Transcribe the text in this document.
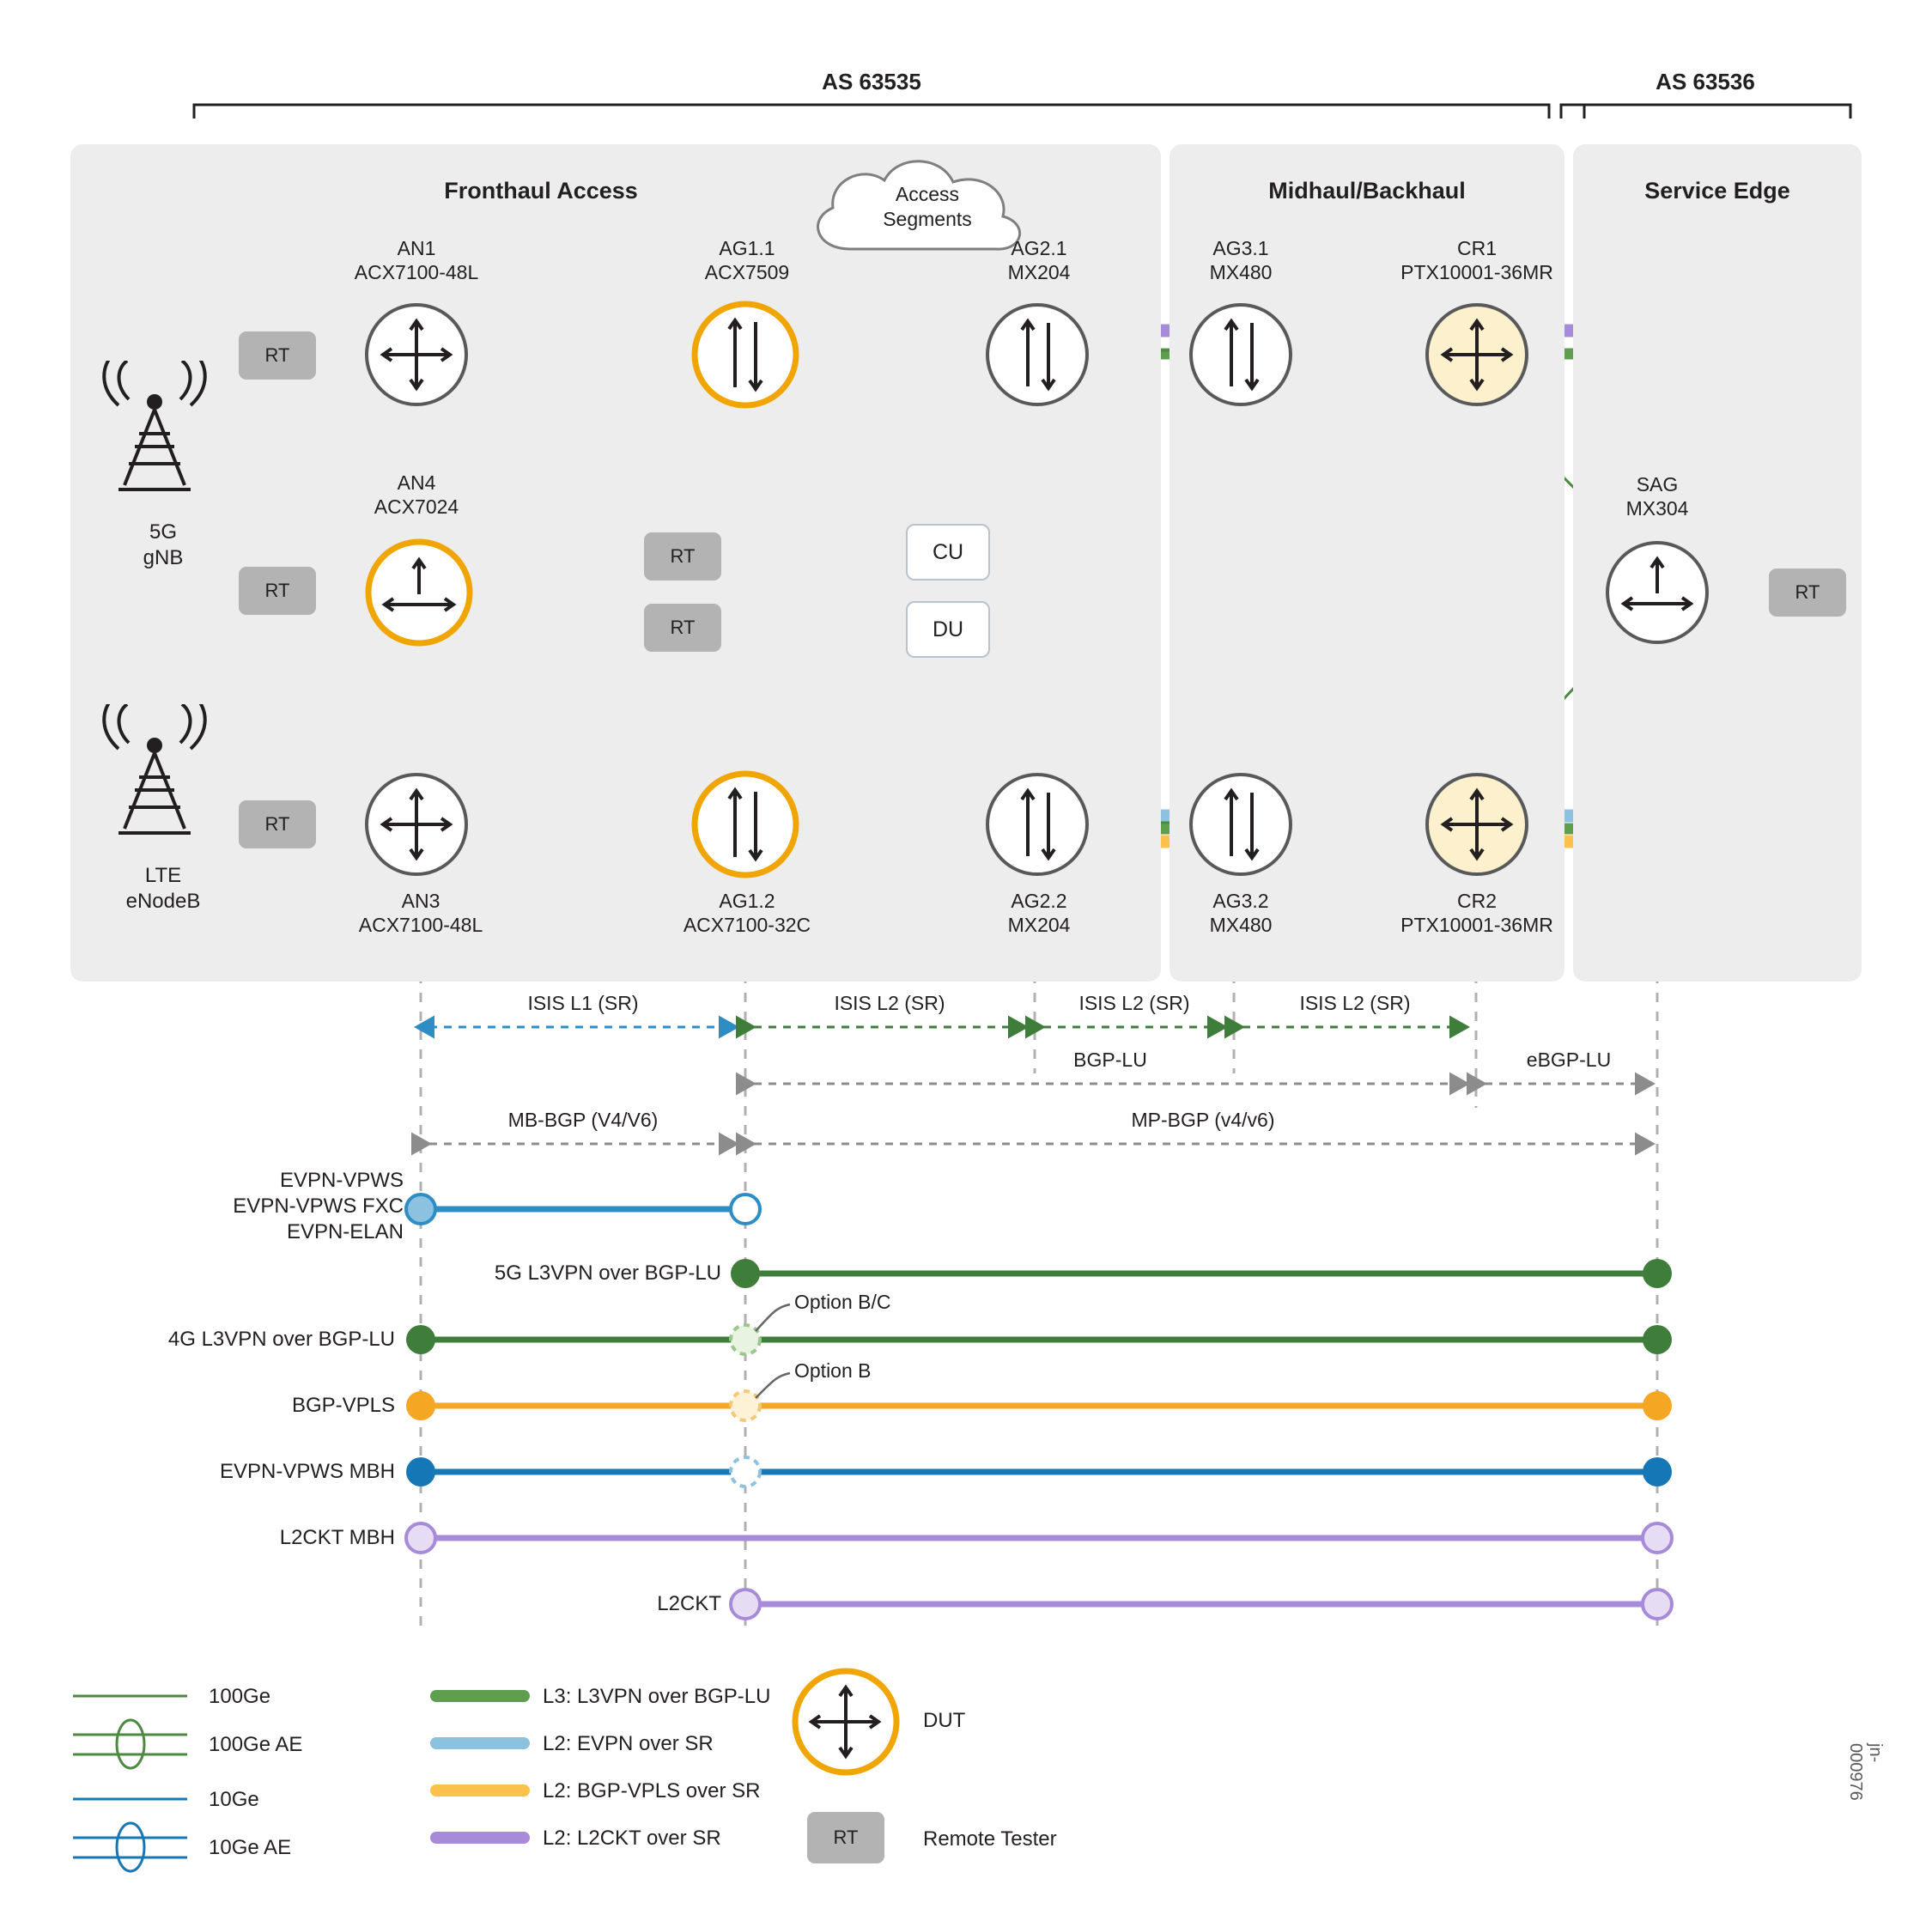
Fronthaul Access	Midhaul/Backhaul	Service Edge
AS 63535	AS 63536
Access
Segments
5G
gNB
LTE
eNodeB
AN1
ACX7100-48L
AG1.1
ACX7509
AG2.1
MX204
AG3.1
MX480
CR1
PTX10001-36MR
AN4
ACX7024
SAG
MX304
AN3
ACX7100-48L
AG1.2
ACX7100-32C
AG2.2
MX204
AG3.2
MX480
CR2
PTX10001-36MR
RT
RT
RT
RT
RT
RT
CU
DU
ISIS L1 (SR)	ISIS L2 (SR)	ISIS L2 (SR)	ISIS L2 (SR)
BGP-LU	eBGP-LU
MB-BGP (V4/V6)	MP-BGP (v4/v6)
EVPN-VPWS
EVPN-VPWS FXC
EVPN-ELAN
5G L3VPN over BGP-LU
4G L3VPN over BGP-LU
BGP-VPLS
EVPN-VPWS MBH
L2CKT MBH
L2CKT
Option B/C
Option B
100Ge
100Ge AE
10Ge
10Ge AE
L3: L3VPN over BGP-LU
L2: EVPN over SR
L2: BGP-VPLS over SR
L2: L2CKT over SR
DUT
RT	Remote Tester
jn-000976
